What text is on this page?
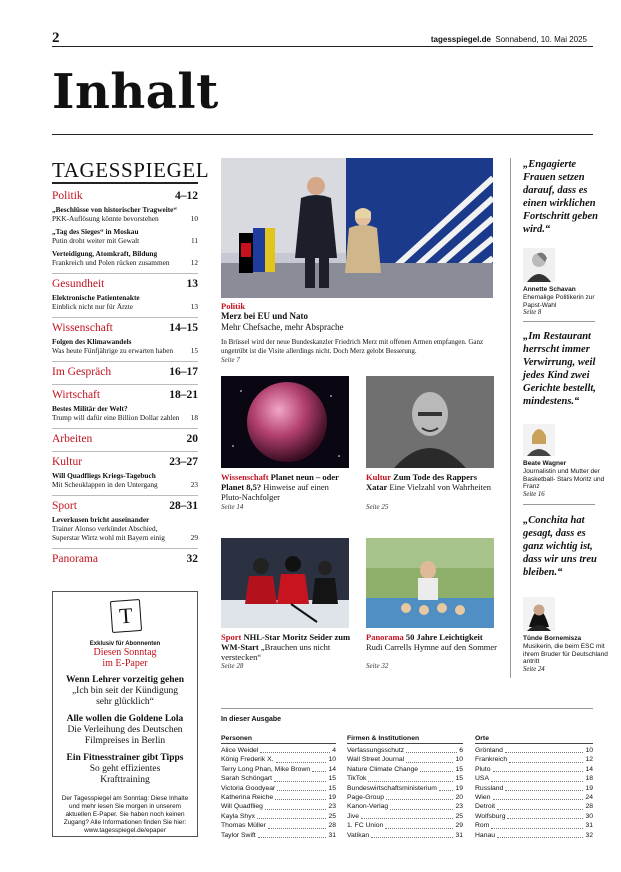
2	tagesspiegel.de Sonnabend, 10. Mai 2025
Inhalt
TAGESSPIEGEL
Politik	4–12
„Beschlüsse von historischer Tragweite“
PKK-Auflösung könnte bevorstehen	10
„Tag des Sieges“ in Moskau
Putin droht weiter mit Gewalt	11
Verteidigung, Atomkraft, Bildung
Frankreich und Polen rücken zusammen	12
Gesundheit	13
Elektronische Patientenakte
Einblick nicht nur für Ärzte	13
Wissenschaft	14–15
Folgen des Klimawandels
Was heute Fünfjährige zu erwarten haben 15
Im Gespräch	16–17
Wirtschaft	18–21
Bestes Militär der Welt?
Trump will dafür eine Billion Dollar zahlen 18
Arbeiten	20
Kultur	23–27
Will Quadfliegs Kriegs-Tagebuch
Mit Scheuklappen in den Untergang	23
Sport	28–31
Leverkusen bricht auseinander
Trainer Alonso verkündet Abschied, Superstar Wirtz wohl mit Bayern einig	29
Panorama	32
T
Exklusiv für Abonnenten
Diesen Sonntag
im E-Paper
Wenn Lehrer vorzeitig gehen
„Ich bin seit der Kündigung sehr glücklich“
Alle wollen die Goldene Lola
Die Verleihung des Deutschen Filmpreises in Berlin
Ein Fitnesstrainer gibt Tipps
So geht effizientes Krafttraining
Der Tagesspiegel am Sonntag: Diese Inhalte und mehr lesen Sie morgen in unserem aktuellen E-Paper. Sie haben noch keinen Zugang? Alle Informationen finden Sie hier:
www.tagesspiegel.de/epaper
Politik
Merz bei EU und Nato
Mehr Chefsache, mehr Absprache
In Brüssel wird der neue Bundeskanzler Friedrich Merz mit offenen Armen empfangen. Ganz ungetrübt ist die Visite allerdings nicht. Doch Merz gelobt Besserung.
Seite 7
Wissenschaft Planet neun – oder Planet 8,5? Hinweise auf einen Pluto-Nachfolger
Seite 14
Kultur Zum Tode des Rappers Xatar Eine Vielzahl von Wahrheiten
Seite 25
Sport NHL-Star Moritz Seider zum WM-Start „Brauchen uns nicht verstecken“
Seite 28
Panorama 50 Jahre Leichtigkeit Rudi Carrells Hymne auf den Sommer
Seite 32
„Engagierte Frauen setzen darauf, dass es einen wirklichen Fortschritt geben wird.“
Annette Schavan
Ehemalige Politikerin zur Papst-Wahl
Seite 8
„Im Restaurant herrscht immer Verwirrung, weil jedes Kind zwei Gerichte bestellt, mindestens.“
Beate Wagner
Journalistin und Mutter der Basketball- Stars Moritz und Franz
Seite 16
„Conchita hat gesagt, dass es ganz wichtig ist, dass wir uns treu bleiben.“
Tünde Bornemisza
Musikerin, die beim ESC mit ihrem Bruder für Deutschland antritt
Seite 24
In dieser Ausgabe
Personen
Alice Weidel	4
König Frederik X.	10
Terry Long Phan, Mike Brown	14
Sarah Schöngart	15
Victoria Goodyear	15
Katherina Reiche	19
Will Quadflieg	23
Kayla Shyx	25
Thomas Müller	28
Taylor Swift	31
Firmen & Institutionen
Verfassungsschutz	6
Wall Street Journal	10
Nature Climate Change	15
TikTok	15
Bundeswirtschaftsministerium	19
Page-Group	20
Kanon-Verlag	23
Jive	25
1. FC Union	29
Vatikan	31
Orte
Grönland	10
Frankreich	12
Pluto	14
USA	18
Russland	19
Wien	24
Detroit	28
Wolfsburg	30
Rom	31
Hanau	32
